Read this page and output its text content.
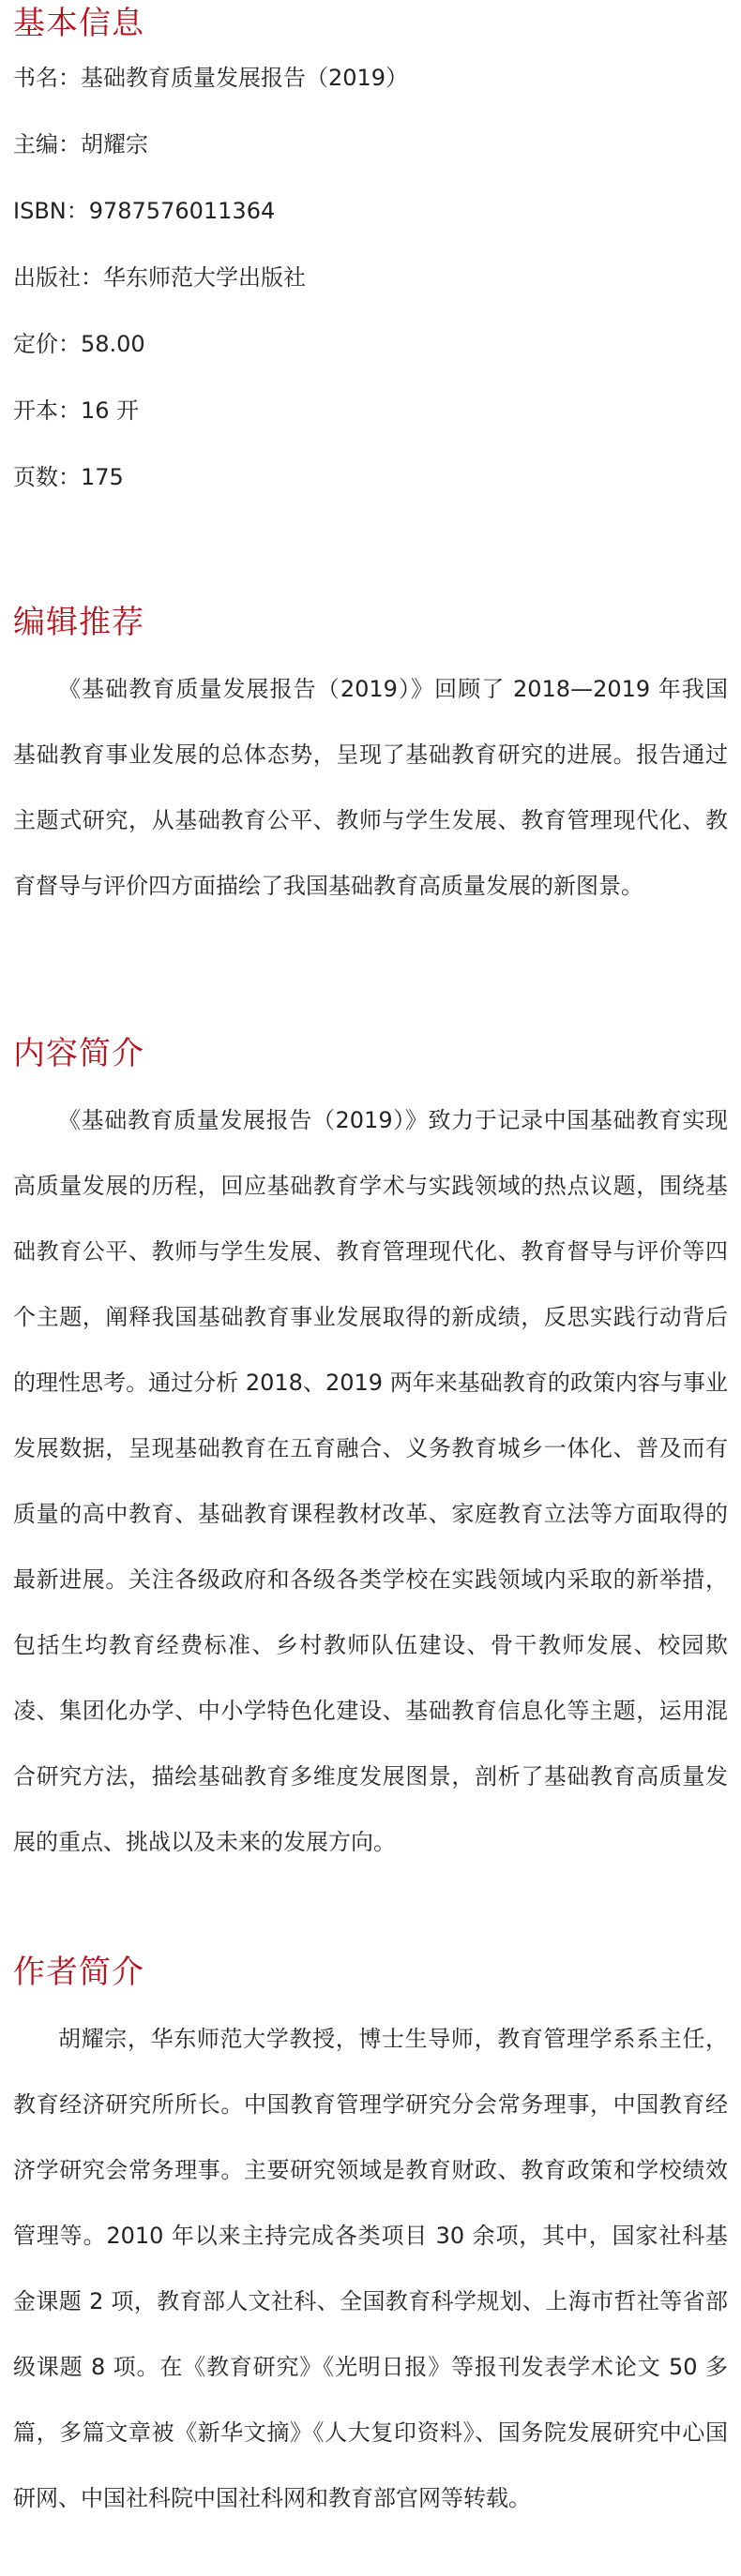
基本信息

书名：基础教育质量发展报告（2019）

主编：胡耀宗

ISBN：9787576011364

出版社：华东师范大学出版社

定价：58.00

开本：16 开

页数：175

编辑推荐

《基础教育质量发展报告（2019）》回顾了 2018—2019 年我国基础教育事业发展的总体态势，呈现了基础教育研究的进展。报告通过主题式研究，从基础教育公平、教师与学生发展、教育管理现代化、教育督导与评价四方面描绘了我国基础教育高质量发展的新图景。

内容简介

《基础教育质量发展报告（2019）》致力于记录中国基础教育实现高质量发展的历程，回应基础教育学术与实践领域的热点议题，围绕基础教育公平、教师与学生发展、教育管理现代化、教育督导与评价等四个主题，阐释我国基础教育事业发展取得的新成绩，反思实践行动背后的理性思考。通过分析 2018、2019 两年来基础教育的政策内容与事业发展数据，呈现基础教育在五育融合、义务教育城乡一体化、普及而有质量的高中教育、基础教育课程教材改革、家庭教育立法等方面取得的最新进展。关注各级政府和各级各类学校在实践领域内采取的新举措，包括生均教育经费标准、乡村教师队伍建设、骨干教师发展、校园欺凌、集团化办学、中小学特色化建设、基础教育信息化等主题，运用混合研究方法，描绘基础教育多维度发展图景，剖析了基础教育高质量发展的重点、挑战以及未来的发展方向。

作者简介

胡耀宗，华东师范大学教授，博士生导师，教育管理学系系主任，教育经济研究所所长。中国教育管理学研究分会常务理事，中国教育经济学研究会常务理事。主要研究领域是教育财政、教育政策和学校绩效管理等。2010 年以来主持完成各类项目 30 余项，其中，国家社科基金课题 2 项，教育部人文社科、全国教育科学规划、上海市哲社等省部级课题 8 项。在《教育研究》《光明日报》等报刊发表学术论文 50 多篇，多篇文章被《新华文摘》《人大复印资料》、国务院发展研究中心国研网、中国社科院中国社科网和教育部官网等转载。
